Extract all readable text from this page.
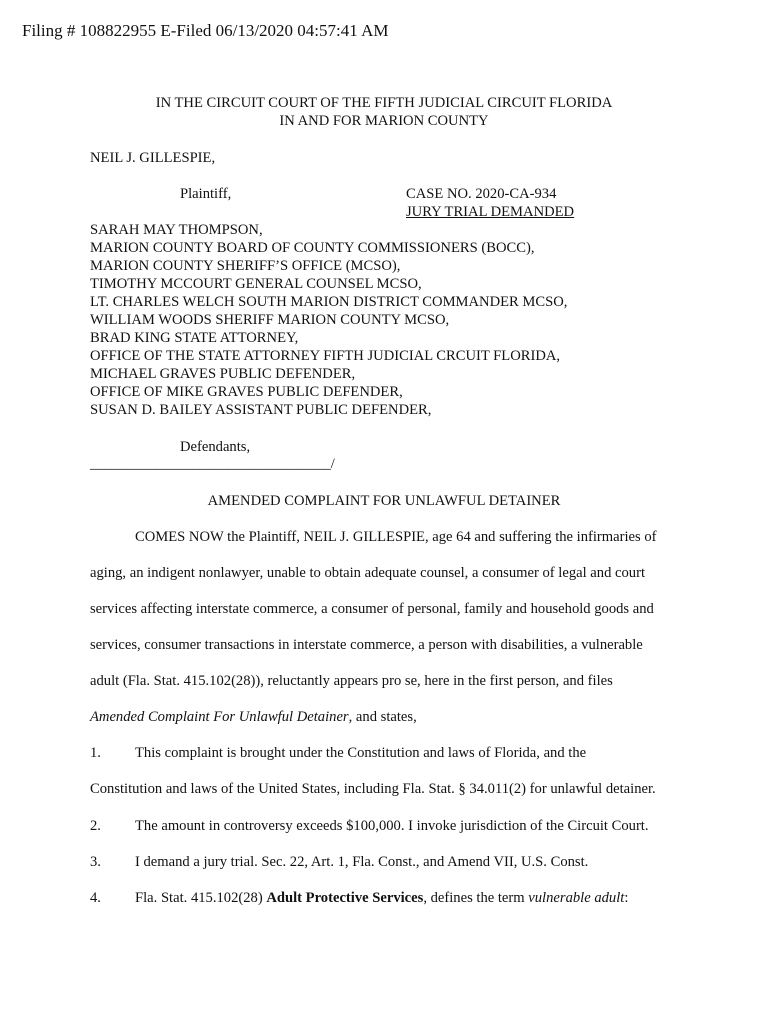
Filing # 108822955 E-Filed 06/13/2020 04:57:41 AM
IN THE CIRCUIT COURT OF THE FIFTH JUDICIAL CIRCUIT FLORIDA
IN AND FOR MARION COUNTY
NEIL J. GILLESPIE,
Plaintiff,	CASE NO. 2020-CA-934
JURY TRIAL DEMANDED
SARAH MAY THOMPSON,
MARION COUNTY BOARD OF COUNTY COMMISSIONERS (BOCC),
MARION COUNTY SHERIFF’S OFFICE (MCSO),
TIMOTHY MCCOURT GENERAL COUNSEL MCSO,
LT. CHARLES WELCH SOUTH MARION DISTRICT COMMANDER MCSO,
WILLIAM WOODS SHERIFF MARION COUNTY MCSO,
BRAD KING STATE ATTORNEY,
OFFICE OF THE STATE ATTORNEY FIFTH JUDICIAL CRCUIT FLORIDA,
MICHAEL GRAVES PUBLIC DEFENDER,
OFFICE OF MIKE GRAVES PUBLIC DEFENDER,
SUSAN D. BAILEY ASSISTANT PUBLIC DEFENDER,
Defendants,
_________________________________/
AMENDED COMPLAINT FOR UNLAWFUL DETAINER
COMES NOW the Plaintiff, NEIL J. GILLESPIE, age 64 and suffering the infirmaries of
aging, an indigent nonlawyer, unable to obtain adequate counsel, a consumer of legal and court
services affecting interstate commerce, a consumer of personal, family and household goods and
services, consumer transactions in interstate commerce, a person with disabilities, a vulnerable
adult (Fla. Stat. 415.102(28)), reluctantly appears pro se, here in the first person, and files
Amended Complaint For Unlawful Detainer, and states,
1. This complaint is brought under the Constitution and laws of Florida, and the
Constitution and laws of the United States, including Fla. Stat. § 34.011(2) for unlawful detainer.
2. The amount in controversy exceeds $100,000. I invoke jurisdiction of the Circuit Court.
3. I demand a jury trial. Sec. 22, Art. 1, Fla. Const., and Amend VII, U.S. Const.
4. Fla. Stat. 415.102(28) Adult Protective Services, defines the term vulnerable adult:
